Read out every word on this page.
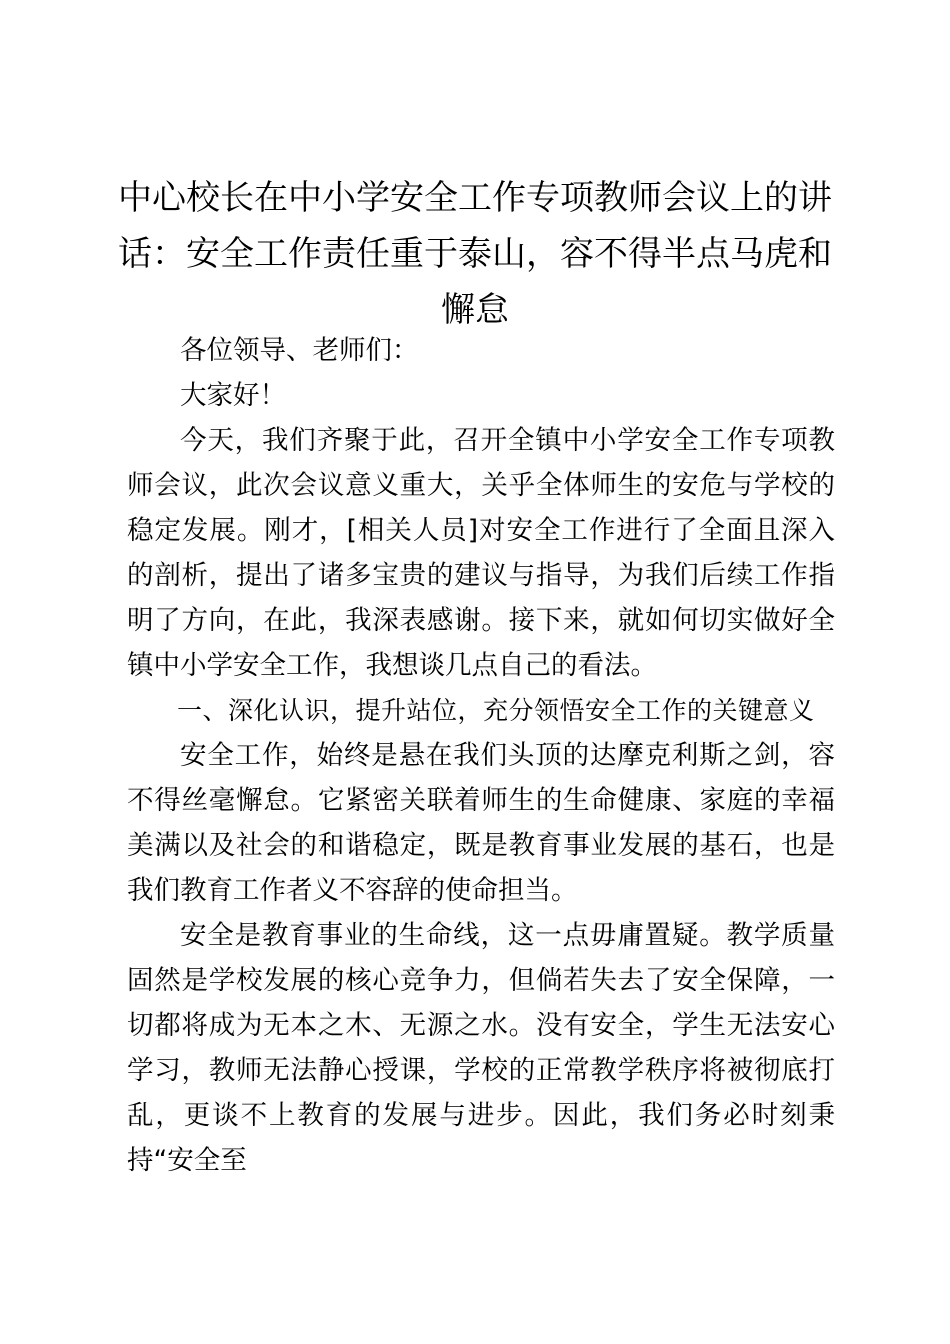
中心校长在中小学安全工作专项教师会议上的讲话：安全工作责任重于泰山，容不得半点马虎和懈怠

各位领导、老师们：

大家好！

今天，我们齐聚于此，召开全镇中小学安全工作专项教师会议，此次会议意义重大，关乎全体师生的安危与学校的稳定发展。刚才，[相关人员]对安全工作进行了全面且深入的剖析，提出了诸多宝贵的建议与指导，为我们后续工作指明了方向，在此，我深表感谢。接下来，就如何切实做好全镇中小学安全工作，我想谈几点自己的看法。

一、深化认识，提升站位，充分领悟安全工作的关键意义

安全工作，始终是悬在我们头顶的达摩克利斯之剑，容不得丝毫懈怠。它紧密关联着师生的生命健康、家庭的幸福美满以及社会的和谐稳定，既是教育事业发展的基石，也是我们教育工作者义不容辞的使命担当。

安全是教育事业的生命线，这一点毋庸置疑。教学质量固然是学校发展的核心竞争力，但倘若失去了安全保障，一切都将成为无本之木、无源之水。没有安全，学生无法安心学习，教师无法静心授课，学校的正常教学秩序将被彻底打乱，更谈不上教育的发展与进步。因此，我们务必时刻秉持“安全至
